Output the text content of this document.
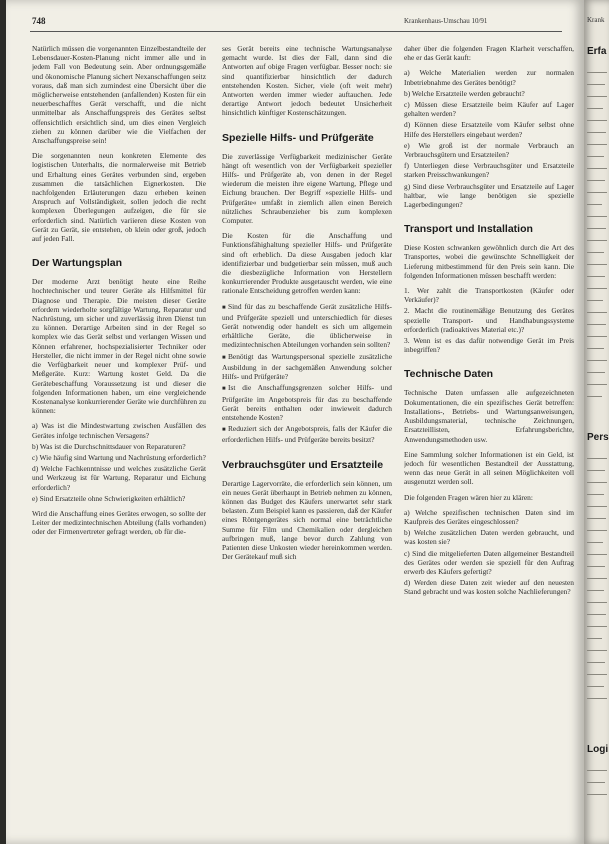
748	Krankenhaus-Umschau 10/91

Natürlich müssen die vorgenannten Einzelbestandteile der Lebensdauer-Kosten-Planung nicht immer alle und in jedem Fall von Bedeutung sein. Aber ordnungsgemäße und ökonomische Planung sichert Nexanschaffungen seitz voraus, daß man sich zumindest eine Übersicht über die möglicherweise entstehenden (anfallenden) Kosten für ein neuerbeschafftes Gerät verschafft, und die nicht unmittelbar als Anschaffungspreis des Gerätes selbst offensichtlich ersichtlich sind, um dies einen Vergleich ziehen zu können darüber wie die Vielfachen der Anschaffungspreise sein!

Die sorgenannten neun konkreten Elemente des logistischen Unterhalts, die normalerweise mit Betrieb und Erhaltung eines Gerätes verbunden sind, ergeben zusammen die tatsächlichen Eignerkosten. Die nachfolgenden Erläuterungen dazu erheben keinen Anspruch auf Vollständigkeit, sollen jedoch die recht komplexen Überlegungen aufzeigen, die für sie erforderlich sind. Natürlich variieren diese Kosten von Gerät zu Gerät, sie entstehen, ob klein oder groß, jedoch auf jeden Fall.

Der Wartungsplan

Der moderne Arzt benötigt heute eine Reihe hochtechnischer und teurer Geräte als Hilfsmittel für Diagnose und Therapie. Die meisten dieser Geräte erfordern wiederholte sorgfältige Wartung, Reparatur und Nachrüstung, um sicher und zuverlässig ihren Dienst tun zu können. Derartige Arbeiten sind in der Regel so komplex wie das Gerät selbst und verlangen Wissen und Können erfahrener, hochspezialisierter Techniker oder Hersteller, die nicht immer in der Regel nicht ohne sowie die Verfügbarkeit neuer und komplexer Prüf- und Meßgeräte. Kurz: Wartung kostet Geld. Da die Gerätebeschaffung Voraussetzung ist und dieser die folgenden Informationen haben, um eine vergleichende Kostenanalyse konkurrierender Geräte wie durchführen zu können:

a) Was ist die Mindestwartung zwischen Ausfällen des Gerätes infolge technischen Versagens?
b) Was ist die Durchschnittsdauer von Reparaturen?
c) Wie häufig sind Wartung und Nachrüstung erforderlich?
d) Welche Fachkenntnisse und welches zusätzliche Gerät und Werkzeug ist für Wartung, Reparatur und Eichung erforderlich?
e) Sind Ersatzteile ohne Schwierigkeiten erhältlich?

Wird die Anschaffung eines Gerätes erwogen, so sollte der Leiter der medizintechnischen Abteilung (falls vorhanden) oder der Firmenvertreter gefragt werden, ob für die-

ses Gerät bereits eine technische Wartungsanalyse gemacht wurde. Ist dies der Fall, dann sind die Antworten auf obige Fragen verfügbar. Besser noch: sie sind quantifizierbar hinsichtlich der dadurch entstehenden Kosten. Sicher, viele (oft weit mehr) Antworten werden immer wieder auftauchen. Jede derartige Antwort jedoch bedeutet Unsicherheit hinsichtlich künftiger Kostenschätzungen.

Spezielle Hilfs- und Prüfgeräte

Die zuverlässige Verfügbarkeit medizinischer Geräte hängt oft wesentlich von der Verfügbarkeit spezieller Hilfs- und Prüfgeräte ab, von denen in der Regel wiederum die meisten ihre eigene Wartung, Pflege und Eichung brauchen. Der Begriff »spezielle Hilfs- und Prüfgeräte« umfaßt in ziemlich allen einen Bereich nützliches Schraubenzieher bis zum komplexen Computer.

Die Kosten für die Anschaffung und Funktionsfähighaltung spezieller Hilfs- und Prüfgeräte sind oft erheblich. Da diese Ausgaben jedoch klar identifizierbar und budgetierbar sein müssen, muß auch die diesbezügliche Information von Herstellern konkurrierender Produkte ausgetauscht werden, wie eine rationale Entscheidung getroffen werden kann:

■ Sind für das zu beschaffende Gerät zusätzliche Hilfs- und Prüfgeräte speziell und unterschiedlich für dieses Gerät notwendig oder handelt es sich um allgemein erhältliche Geräte, die üblicherweise in medizintechnischen Abteilungen vorhanden sein sollten?
■ Benötigt das Wartungspersonal spezielle zusätzliche Ausbildung in der sachgemäßen Anwendung solcher Hilfs- und Prüfgeräte?
■ Ist die Anschaffungsgrenzen solcher Hilfs- und Prüfgeräte im Angebotspreis für das zu beschaffende Gerät bereits enthalten oder inwieweit dadurch entstehende Kosten?
■ Reduziert sich der Angebotspreis, falls der Käufer die erforderlichen Hilfs- und Prüfgeräte bereits besitzt?
Verbrauchsgüter und Ersatzteile

Derartige Lagervorräte, die erforderlich sein können, um ein neues Gerät überhaupt in Betrieb nehmen zu können, können das Budget des Käufers unerwartet sehr stark belasten. Zum Beispiel kann es passieren, daß der Käufer eines Röntgengerätes sich normal eine beträchtliche Summe für Film und Chemikalien oder dergleichen aufbringen muß, lange bevor durch Zahlung von Patienten diese Unkosten wieder hereinkommen werden. Der Gerätekauf muß sich

daher über die folgenden Fragen Klarheit verschaffen, ehe er das Gerät kauft:

a) Welche Materialien werden zur normalen Inbetriebnahme des Gerätes benötigt?
b) Welche Ersatzteile werden gebraucht?
c) Müssen diese Ersatzteile beim Käufer auf Lager gehalten werden?
d) Können diese Ersatzteile vom Käufer selbst ohne Hilfe des Herstellers eingebaut werden?
e) Wie groß ist der normale Verbrauch an Verbrauchsgütern und Ersatzteilen?
f) Unterliegen diese Verbrauchsgüter und Ersatzteile starken Preisschwankungen?
g) Sind diese Verbrauchsgüter und Ersatzteile auf Lager haltbar, wie lange benötigen sie spezielle Lagerbedingungen?
Transport und Installation

Diese Kosten schwanken gewöhnlich durch die Art des Transportes, wobei die gewünschte Schnelligkeit der Lieferung mitbestimmend für den Preis sein kann. Die folgenden Informationen müssen beschafft werden:

1. Wer zahlt die Transportkosten (Käufer oder Verkäufer)?
2. Macht die routinemäßige Benutzung des Gerätes spezielle Transport- und Handhabungssysteme erforderlich (radioaktives Material etc.)?
3. Wenn ist es das dafür notwendige Gerät im Preis inbegriffen?
Technische Daten

Technische Daten umfassen alle aufgezeichneten Dokumentationen, die ein spezifisches Gerät betreffen: Installations-, Betriebs- und Wartungsanweisungen, Ausbildungsmaterial, technische Zeichnungen, Ersatzteillisten, Erfahrungsberichte, Anwendungsmethoden usw.

Eine Sammlung solcher Informationen ist ein Geld, ist jedoch für wesentlichen Bestandteil der Ausstattung, wenn das neue Gerät in all seinen Möglichkeiten voll ausgenutzt werden soll.

Die folgenden Fragen wären hier zu klären:

a) Welche spezifischen technischen Daten sind im Kaufpreis des Gerätes eingeschlossen?
b) Welche zusätzlichen Daten werden gebraucht, und was kosten sie?
c) Sind die mitgelieferten Daten allgemeiner Bestandteil des Gerätes oder werden sie speziell für den Auftrag erwerb des Käufers gefertigt?
d) Werden diese Daten zeit wieder auf den neuesten Stand gebracht und was kosten solche Nachlieferungen?
Krank
Erfa
Pers
Logi
